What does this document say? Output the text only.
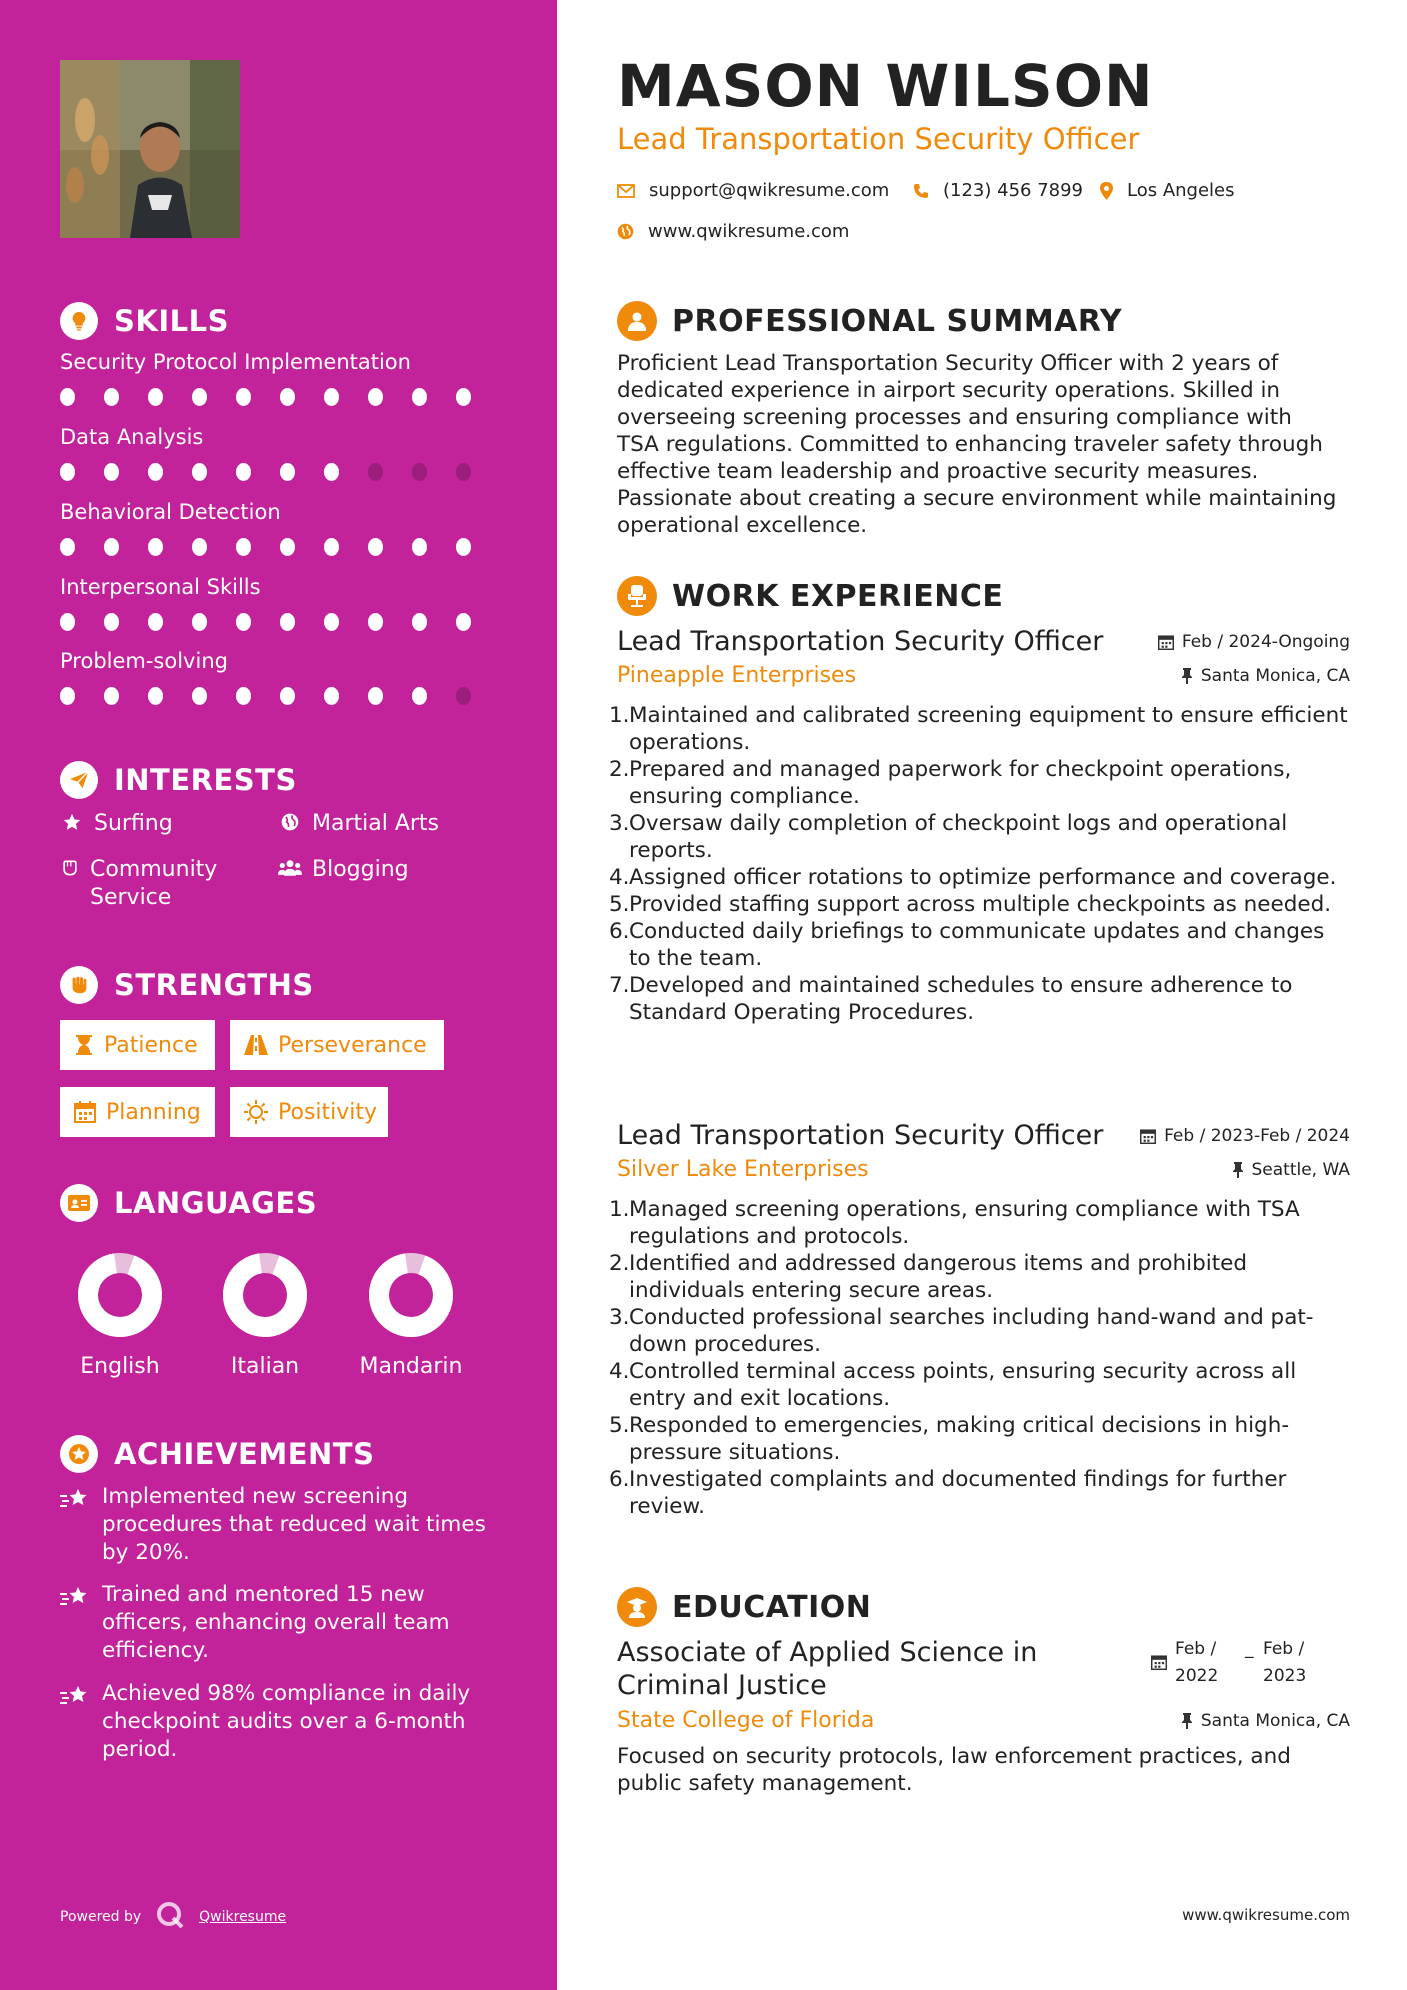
SKILLS
Security Protocol Implementation
Data Analysis
Behavioral Detection
Interpersonal Skills
Problem-solving
INTERESTS
Surfing	Martial Arts
Community Service
Blogging
STRENGTHS
Patience	Perseverance
Planning	Positivity
LANGUAGES
English	Italian	Mandarin
ACHIEVEMENTS
Implemented new screening procedures that reduced wait times by 20%.
Trained and mentored 15 new officers, enhancing overall team efficiency.
Achieved 98% compliance in daily checkpoint audits over a 6-month period.
Powered by	Qwikresume
MASON WILSON
Lead Transportation Security Officer
support@qwikresume.com	(123) 456 7899 Los Angeles
www.qwikresume.com
PROFESSIONAL SUMMARY
Proficient Lead Transportation Security Officer with 2 years of dedicated experience in airport security operations. Skilled in overseeing screening processes and ensuring compliance with TSA regulations. Committed to enhancing traveler safety through effective team leadership and proactive security measures. Passionate about creating a secure environment while maintaining operational excellence.
WORK EXPERIENCE
Lead Transportation Security Officer	Feb / 2024-Ongoing
Pineapple Enterprises	Santa Monica, CA
1. Maintained and calibrated screening equipment to ensure efficient operations.
2. Prepared and managed paperwork for checkpoint operations, ensuring compliance.
3. Oversaw daily completion of checkpoint logs and operational reports.
4. Assigned officer rotations to optimize performance and coverage.
5. Provided staffing support across multiple checkpoints as needed.
6. Conducted daily briefings to communicate updates and changes to the team.
7. Developed and maintained schedules to ensure adherence to Standard Operating Procedures.
Lead Transportation Security Officer	Feb / 2023-Feb / 2024
Silver Lake Enterprises	Seattle, WA
1. Managed screening operations, ensuring compliance with TSA regulations and protocols.
2. Identified and addressed dangerous items and prohibited individuals entering secure areas.
3. Conducted professional searches including hand-wand and pat-down procedures.
4. Controlled terminal access points, ensuring security across all entry and exit locations.
5. Responded to emergencies, making critical decisions in high-pressure situations.
6. Investigated complaints and documented findings for further review.
EDUCATION
Associate of Applied Science in Criminal Justice
Feb / 2022
_ Feb / 2023
State College of Florida	Santa Monica, CA
Focused on security protocols, law enforcement practices, and public safety management.
www.qwikresume.com
